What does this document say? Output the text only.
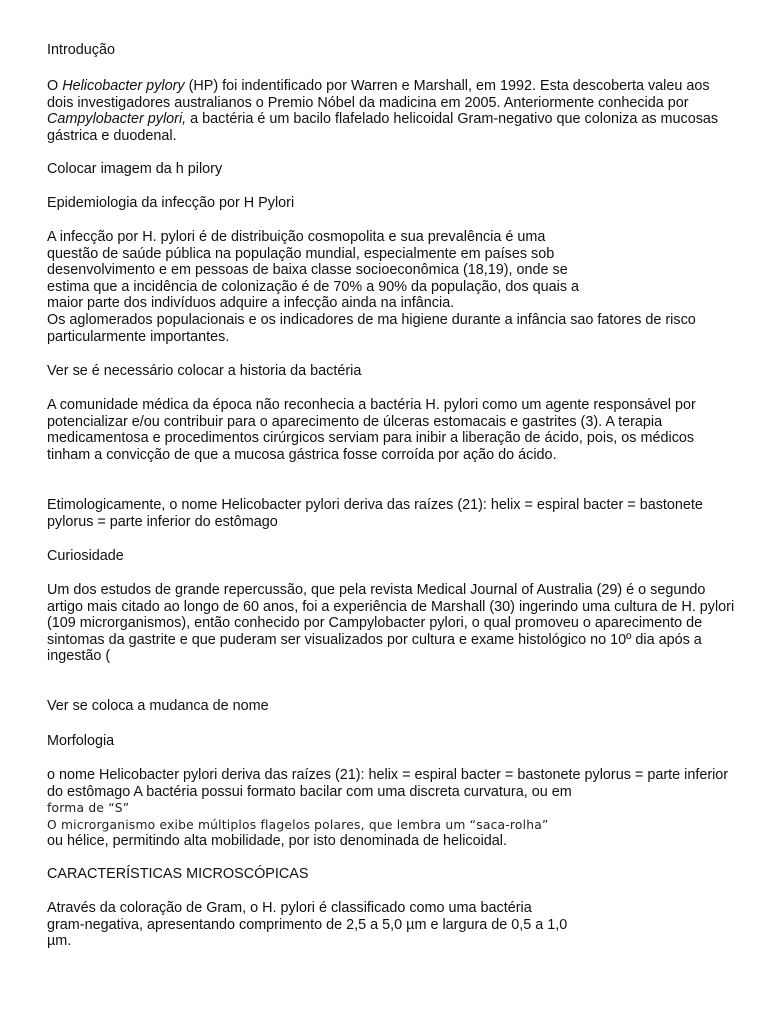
Introdução

O Helicobacter pylory (HP) foi indentificado por Warren e Marshall, em 1992. Esta descoberta valeu aos dois investigadores australianos o Premio Nóbel da madicina em 2005. Anteriormente conhecida por Campylobacter pylori, a bactéria é um bacilo flafelado helicoidal Gram-negativo que coloniza as mucosas gástrica e duodenal.

Colocar imagem da h pilory

Epidemiologia da infecção por H Pylori

A infecção por H. pylori é de distribuição cosmopolita e sua prevalência é uma
questão de saúde pública na população mundial, especialmente em países sob
desenvolvimento e em pessoas de baixa classe socioeconômica (18,19), onde se
estima que a incidência de colonização é de 70% a 90% da população, dos quais a
maior parte dos indivíduos adquire a infecção ainda na infância.
Os aglomerados populacionais e os indicadores de ma higiene durante a infância sao fatores de risco particularmente importantes.

Ver se é necessário colocar a historia da bactéria

A comunidade médica da época não reconhecia a bactéria H. pylori como um agente responsável por potencializar e/ou contribuir para o aparecimento de úlceras estomacais e gastrites (3). A terapia medicamentosa e procedimentos cirúrgicos serviam para inibir a liberação de ácido, pois, os médicos tinham a convicção de que a mucosa gástrica fosse corroída por ação do ácido.

Etimologicamente, o nome Helicobacter pylori deriva das raízes (21): helix = espiral bacter = bastonete pylorus = parte inferior do estômago

Curiosidade

Um dos estudos de grande repercussão, que pela revista Medical Journal of Australia (29) é o segundo artigo mais citado ao longo de 60 anos, foi a experiência de Marshall (30) ingerindo uma cultura de H. pylori (109 microrganismos), então conhecido por Campylobacter pylori, o qual promoveu o aparecimento de sintomas da gastrite e que puderam ser visualizados por cultura e exame histológico no 10º dia após a ingestão (

Ver se coloca a mudanca de nome

Morfologia

o nome Helicobacter pylori deriva das raízes (21): helix = espiral bacter = bastonete pylorus = parte inferior do estômago A bactéria possui formato bacilar com uma discreta curvatura, ou em
forma de “S”
O microrganismo exibe múltiplos flagelos polares, que lembra um “saca-rolha”
ou hélice, permitindo alta mobilidade, por isto denominada de helicoidal.

CARACTERÍSTICAS MICROSCÓPICAS

Através da coloração de Gram, o H. pylori é classificado como uma bactéria
gram-negativa, apresentando comprimento de 2,5 a 5,0 µm e largura de 0,5 a 1,0
µm.
